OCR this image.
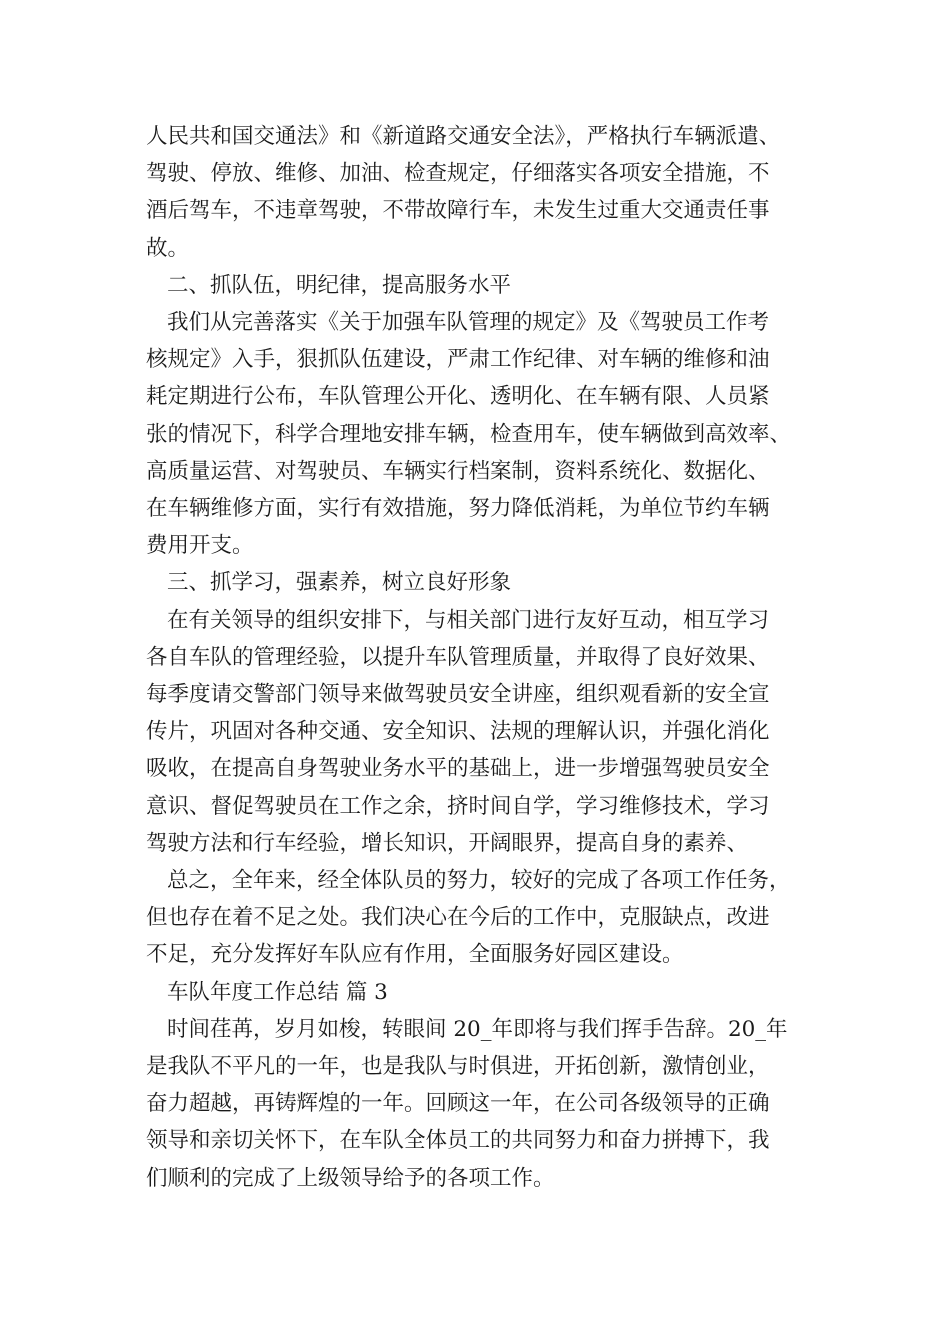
人民共和国交通法》和《新道路交通安全法》，严格执行车辆派遣、
驾驶、停放、维修、加油、检查规定，仔细落实各项安全措施，不
酒后驾车，不违章驾驶，不带故障行车，未发生过重大交通责任事
故。
二、抓队伍，明纪律，提高服务水平
我们从完善落实《关于加强车队管理的规定》及《驾驶员工作考
核规定》入手，狠抓队伍建设，严肃工作纪律、对车辆的维修和油
耗定期进行公布，车队管理公开化、透明化、在车辆有限、人员紧
张的情况下，科学合理地安排车辆，检查用车，使车辆做到高效率、
高质量运营、对驾驶员、车辆实行档案制，资料系统化、数据化、
在车辆维修方面，实行有效措施，努力降低消耗，为单位节约车辆
费用开支。
三、抓学习，强素养，树立良好形象
在有关领导的组织安排下，与相关部门进行友好互动，相互学习
各自车队的管理经验，以提升车队管理质量，并取得了良好效果、
每季度请交警部门领导来做驾驶员安全讲座，组织观看新的安全宣
传片，巩固对各种交通、安全知识、法规的理解认识，并强化消化
吸收，在提高自身驾驶业务水平的基础上，进一步增强驾驶员安全
意识、督促驾驶员在工作之余，挤时间自学，学习维修技术，学习
驾驶方法和行车经验，增长知识，开阔眼界，提高自身的素养、
总之，全年来，经全体队员的努力，较好的完成了各项工作任务，
但也存在着不足之处。我们决心在今后的工作中，克服缺点，改进
不足，充分发挥好车队应有作用，全面服务好园区建设。
车队年度工作总结 篇 3
时间荏苒，岁月如梭，转眼间 20_年即将与我们挥手告辞。20_年
是我队不平凡的一年，也是我队与时俱进，开拓创新，激情创业，
奋力超越，再铸辉煌的一年。回顾这一年，在公司各级领导的正确
领导和亲切关怀下，在车队全体员工的共同努力和奋力拼搏下，我
们顺利的完成了上级领导给予的各项工作。
